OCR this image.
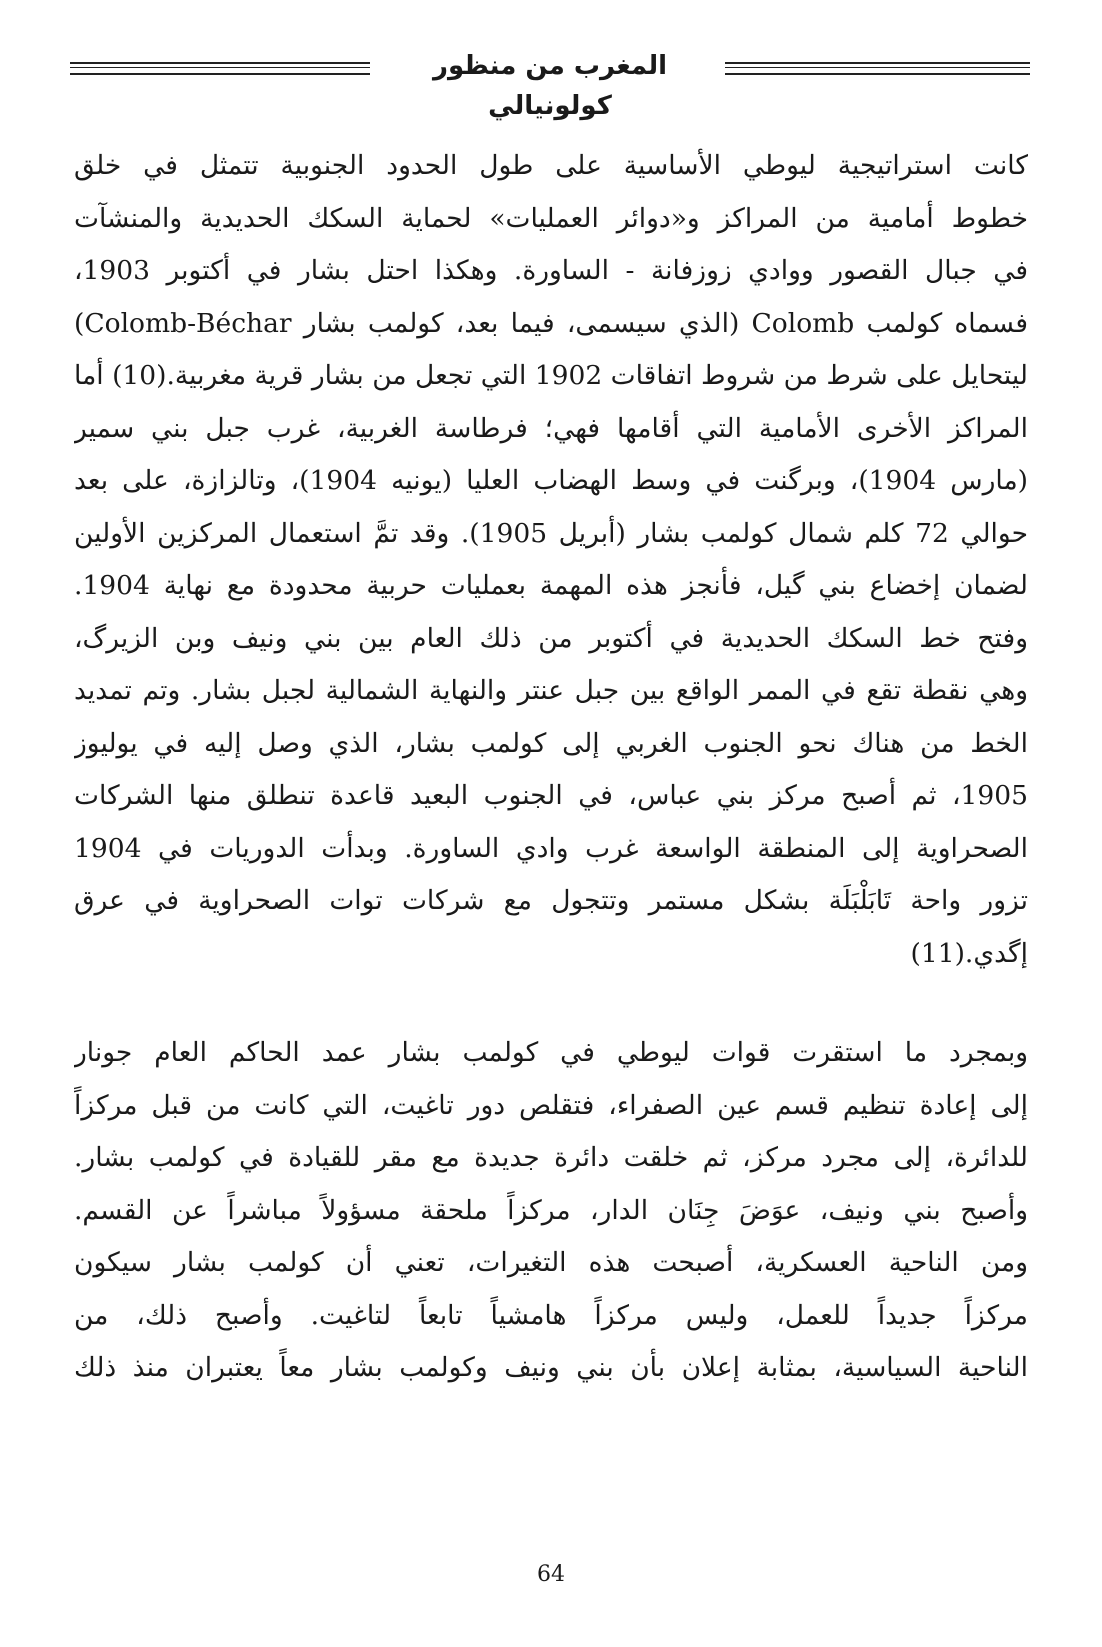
المغرب من منظور كولونيالي
كانت استراتيجية ليوطي الأساسية على طول الحدود الجنوبية تتمثل في خلق
خطوط أمامية من المراكز و«دوائر العمليات» لحماية السكك الحديدية والمنشآت
في جبال القصور ووادي زوزفانة - الساورة. وهكذا احتل بشار في أكتوبر 1903،
فسماه كولمب Colomb (الذي سيسمى، فيما بعد، كولمب بشار Colomb-Béchar)
ليتحايل على شرط من شروط اتفاقات 1902 التي تجعل من بشار قرية مغربية.(10) أما
المراكز الأخرى الأمامية التي أقامها فهي؛ فرطاسة الغربية، غرب جبل بني سمير
(مارس 1904)، وبرگنت في وسط الهضاب العليا (يونيه 1904)، وتالزازة، على بعد
حوالي 72 كلم شمال كولمب بشار (أبريل 1905). وقد تمَّ استعمال المركزين الأولين
لضمان إخضاع بني گيل، فأنجز هذه المهمة بعمليات حربية محدودة مع نهاية 1904.
وفتح خط السكك الحديدية في أكتوبر من ذلك العام بين بني ونيف وبن الزيرگ،
وهي نقطة تقع في الممر الواقع بين جبل عنتر والنهاية الشمالية لجبل بشار. وتم تمديد
الخط من هناك نحو الجنوب الغربي إلى كولمب بشار، الذي وصل إليه في يوليوز
1905، ثم أصبح مركز بني عباس، في الجنوب البعيد قاعدة تنطلق منها الشركات
الصحراوية إلى المنطقة الواسعة غرب وادي الساورة. وبدأت الدوريات في 1904
تزور واحة تَابَلْبَلَة بشكل مستمر وتتجول مع شركات توات الصحراوية في عرق
إگدي.(11)
وبمجرد ما استقرت قوات ليوطي في كولمب بشار عمد الحاكم العام جونار
إلى إعادة تنظيم قسم عين الصفراء، فتقلص دور تاغيت، التي كانت من قبل مركزاً
للدائرة، إلى مجرد مركز، ثم خلقت دائرة جديدة مع مقر للقيادة في كولمب بشار.
وأصبح بني ونيف، عوَضَ جِنَان الدار، مركزاً ملحقة مسؤولاً مباشراً عن القسم.
ومن الناحية العسكرية، أصبحت هذه التغيرات، تعني أن كولمب بشار سيكون
مركزاً جديداً للعمل، وليس مركزاً هامشياً تابعاً لتاغيت. وأصبح ذلك، من
الناحية السياسية، بمثابة إعلان بأن بني ونيف وكولمب بشار معاً يعتبران منذ ذلك
64
